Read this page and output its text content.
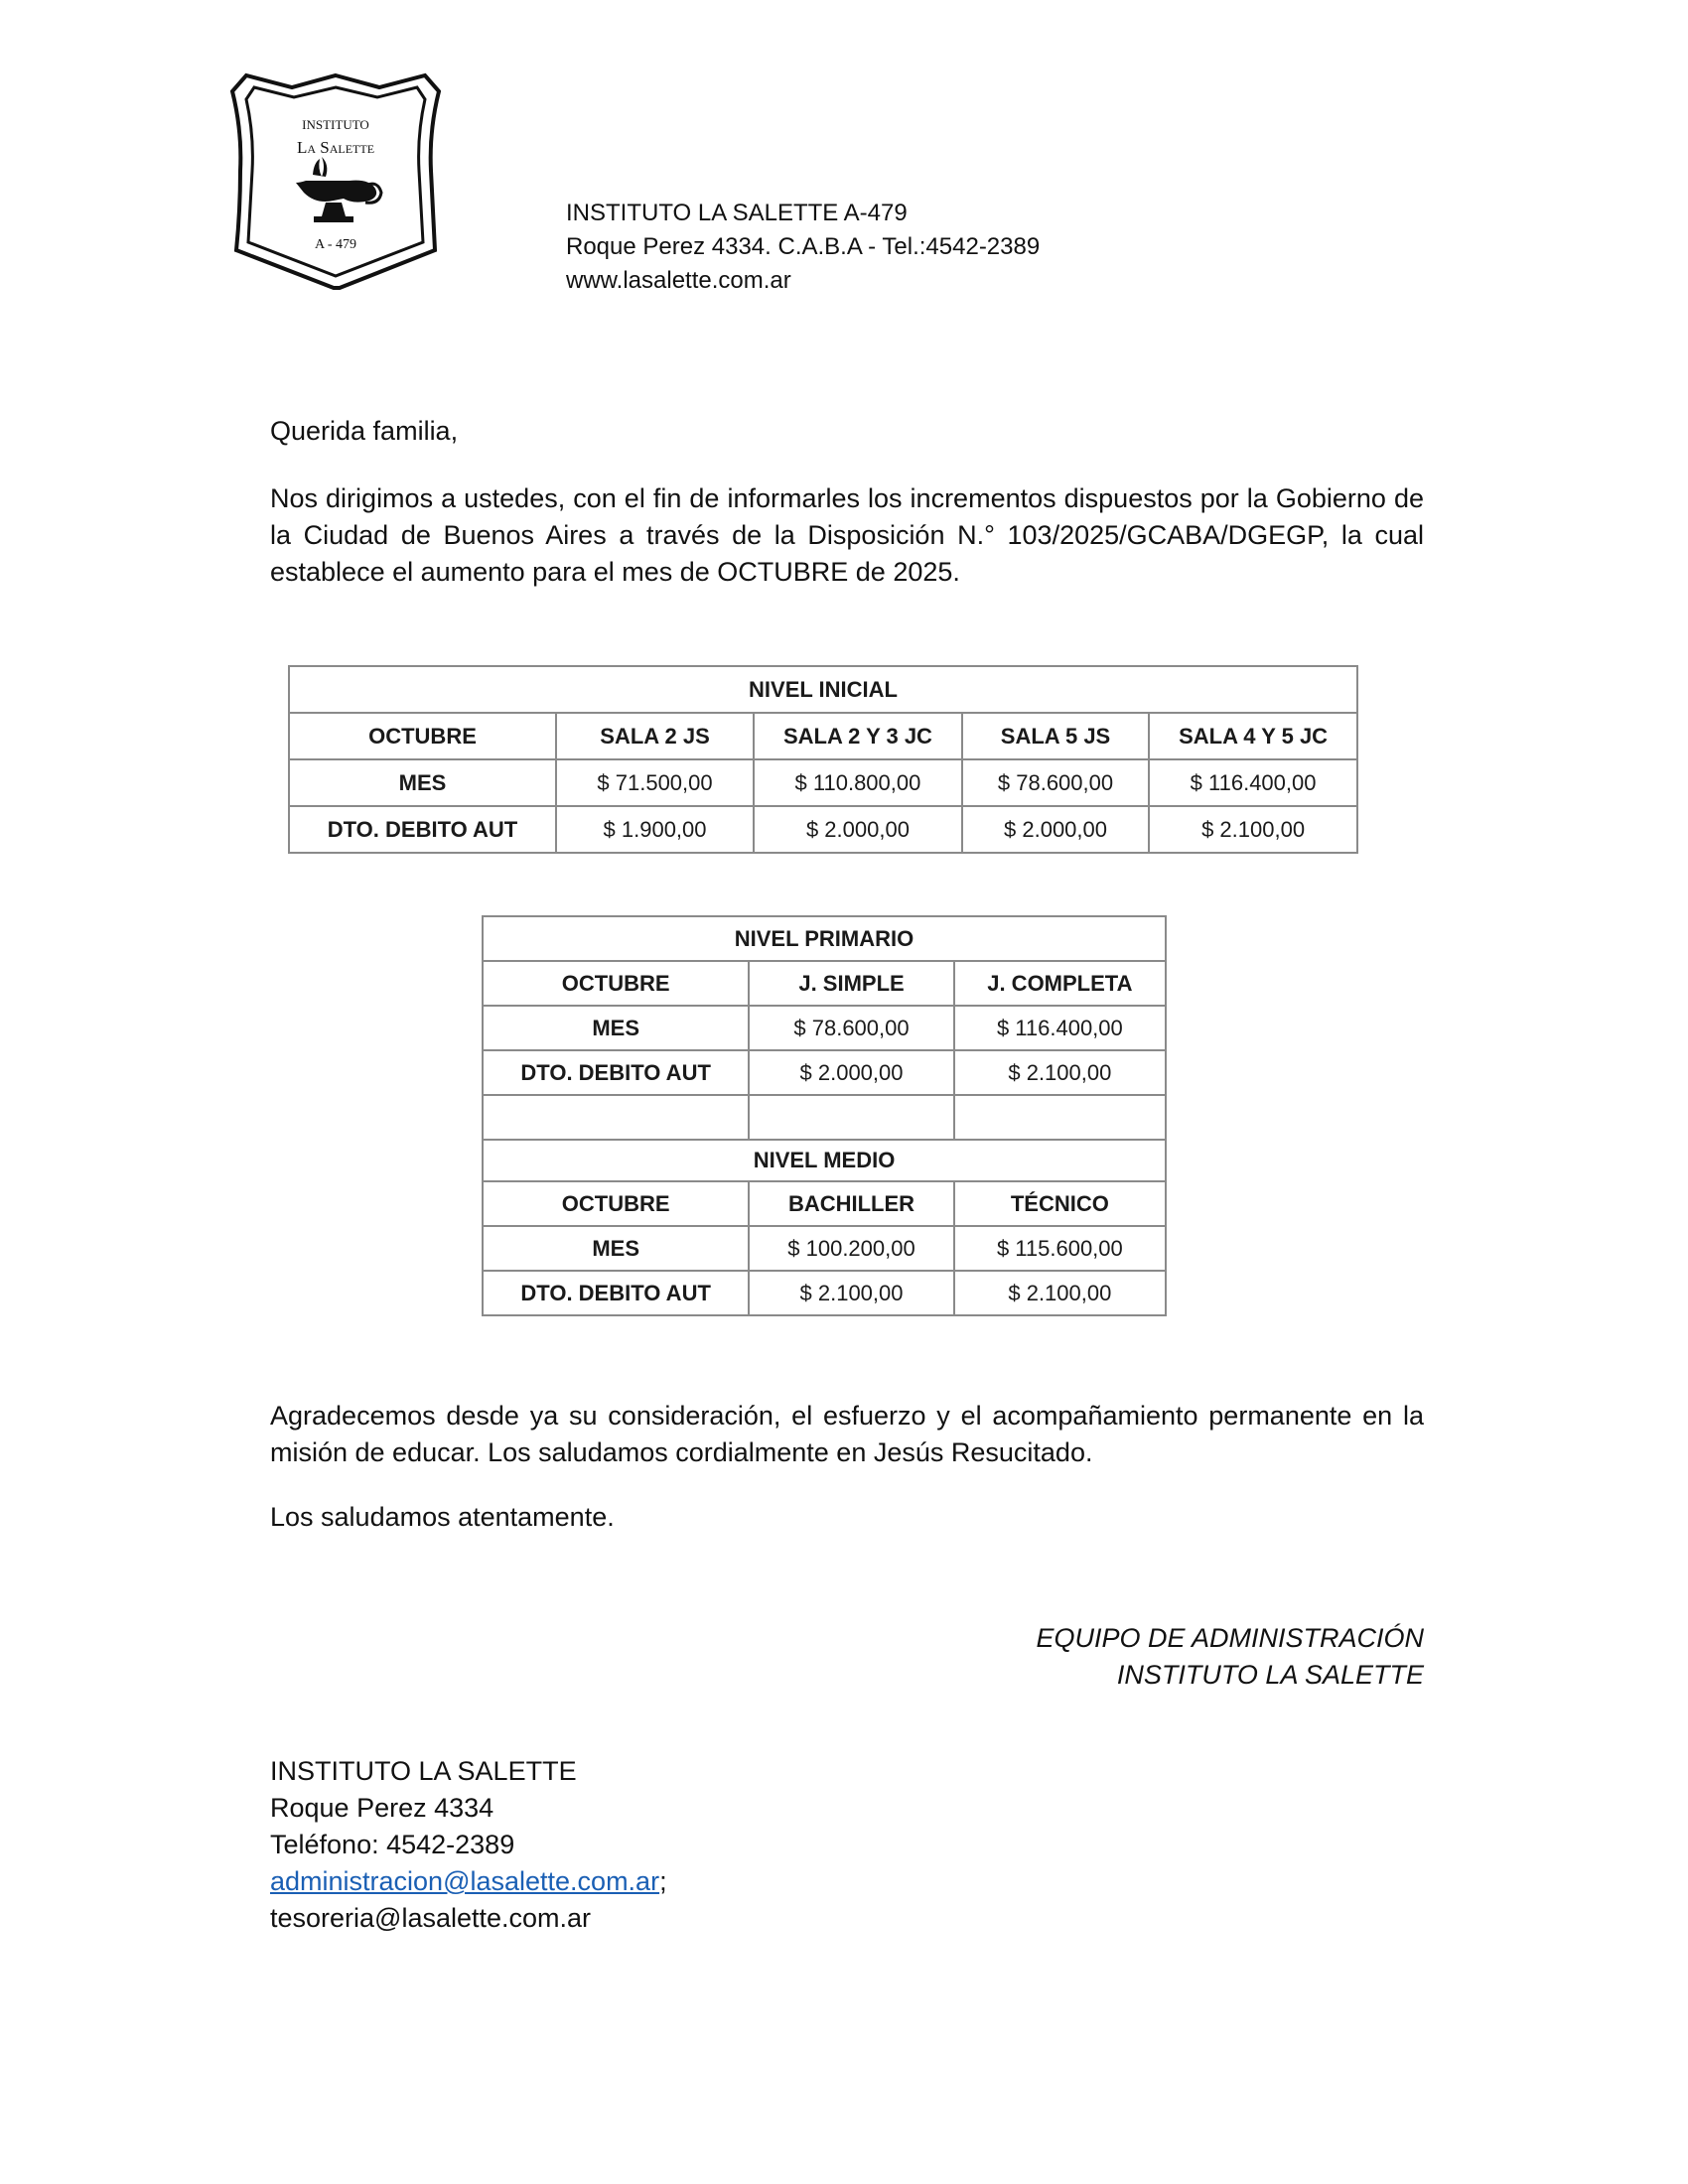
INSTITUTO
La Salette
A - 479
INSTITUTO LA SALETTE A-479
Roque Perez 4334. C.A.B.A - Tel.:4542-2389
www.lasalette.com.ar

Querida familia,

Nos dirigimos a ustedes, con el fin de informarles los incrementos dispuestos por la Gobierno de la Ciudad de Buenos Aires a través de la Disposición N.° 103/2025/GCABA/DGEGP, la cual establece el aumento para el mes de OCTUBRE de 2025.

NIVEL INICIAL				
OCTUBRE	SALA 2 JS	SALA 2 Y 3 JC	SALA 5 JS	SALA 4 Y 5 JC
MES	$ 71.500,00	$ 110.800,00	$ 78.600,00	$ 116.400,00
DTO. DEBITO AUT	$ 1.900,00	$ 2.000,00	$ 2.000,00	$ 2.100,00
NIVEL PRIMARIO		
OCTUBRE	J. SIMPLE	J. COMPLETA
MES	$ 78.600,00	$ 116.400,00
DTO. DEBITO AUT	$ 2.000,00	$ 2.100,00

NIVEL MEDIO		
OCTUBRE	BACHILLER	TÉCNICO
MES	$ 100.200,00	$ 115.600,00
DTO. DEBITO AUT	$ 2.100,00	$ 2.100,00

Agradecemos desde ya su consideración, el esfuerzo y el acompañamiento permanente en la misión de educar. Los saludamos cordialmente en Jesús Resucitado.

Los saludamos atentamente.

EQUIPO DE ADMINISTRACIÓN
INSTITUTO LA SALETTE
INSTITUTO LA SALETTE
Roque Perez 4334
Teléfono: 4542-2389
administracion@lasalette.com.ar;
tesoreria@lasalette.com.ar
